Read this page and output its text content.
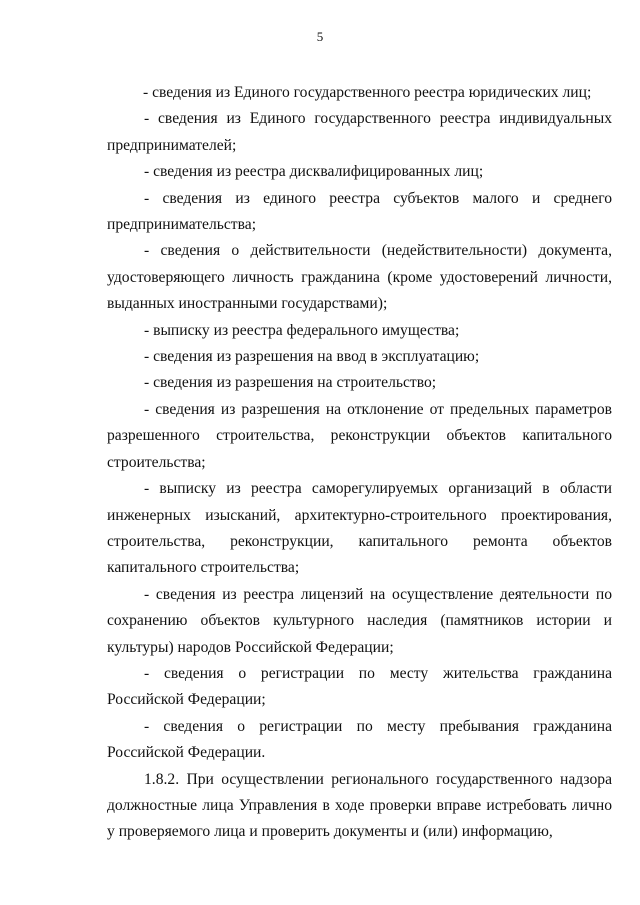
5

- сведения из Единого государственного реестра юридических лиц;

- сведения из Единого государственного реестра индивидуальных предпринимателей;

- сведения из реестра дисквалифицированных лиц;

- сведения из единого реестра субъектов малого и среднего предпринимательства;

- сведения о действительности (недействительности) документа, удостоверяющего личность гражданина (кроме удостоверений личности, выданных иностранными государствами);

- выписку из реестра федерального имущества;

- сведения из разрешения на ввод в эксплуатацию;

- сведения из разрешения на строительство;

- сведения из разрешения на отклонение от предельных параметров разрешенного строительства, реконструкции объектов капитального строительства;

- выписку из реестра саморегулируемых организаций в области инженерных изысканий, архитектурно-строительного проектирования, строительства, реконструкции, капитального ремонта объектов капитального строительства;

- сведения из реестра лицензий на осуществление деятельности по сохранению объектов культурного наследия (памятников истории и культуры) народов Российской Федерации;

- сведения о регистрации по месту жительства гражданина Российской Федерации;

- сведения о регистрации по месту пребывания гражданина Российской Федерации.

1.8.2. При осуществлении регионального государственного надзора должностные лица Управления в ходе проверки вправе истребовать лично у проверяемого лица и проверить документы и (или) информацию,
